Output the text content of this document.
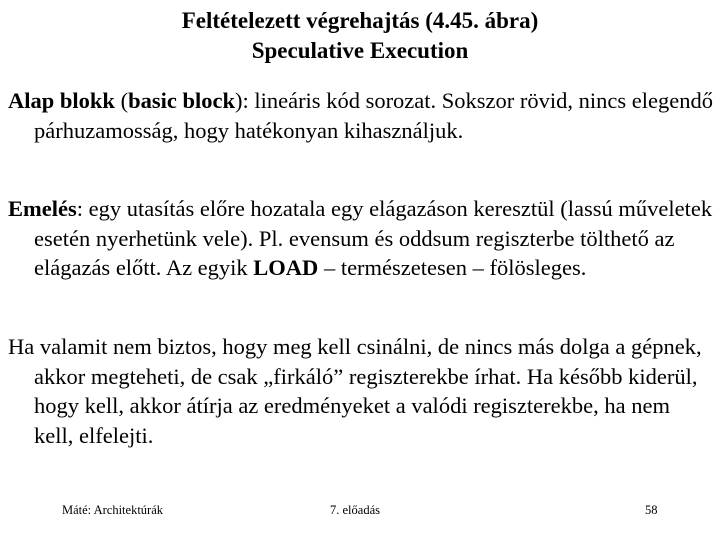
Feltételezett végrehajtás (4.45. ábra)
Speculative Execution
Alap blokk (basic block): lineáris kód sorozat. Sokszor rövid, nincs elegendő párhuzamosság, hogy hatékonyan kihasználjuk.
Emelés: egy utasítás előre hozatala egy elágazáson keresztül (lassú műveletek esetén nyerhetünk vele). Pl. evensum és oddsum regiszterbe tölthető az elágazás előtt. Az egyik LOAD – természetesen – fölösleges.
Ha valamit nem biztos, hogy meg kell csinálni, de nincs más dolga a gépnek, akkor megteheti, de csak „firkáló” regiszterekbe írhat. Ha később kiderül, hogy kell, akkor átírja az eredményeket a valódi regiszterekbe, ha nem kell, elfelejti.
Máté: Architektúrák	7. előadás	58
